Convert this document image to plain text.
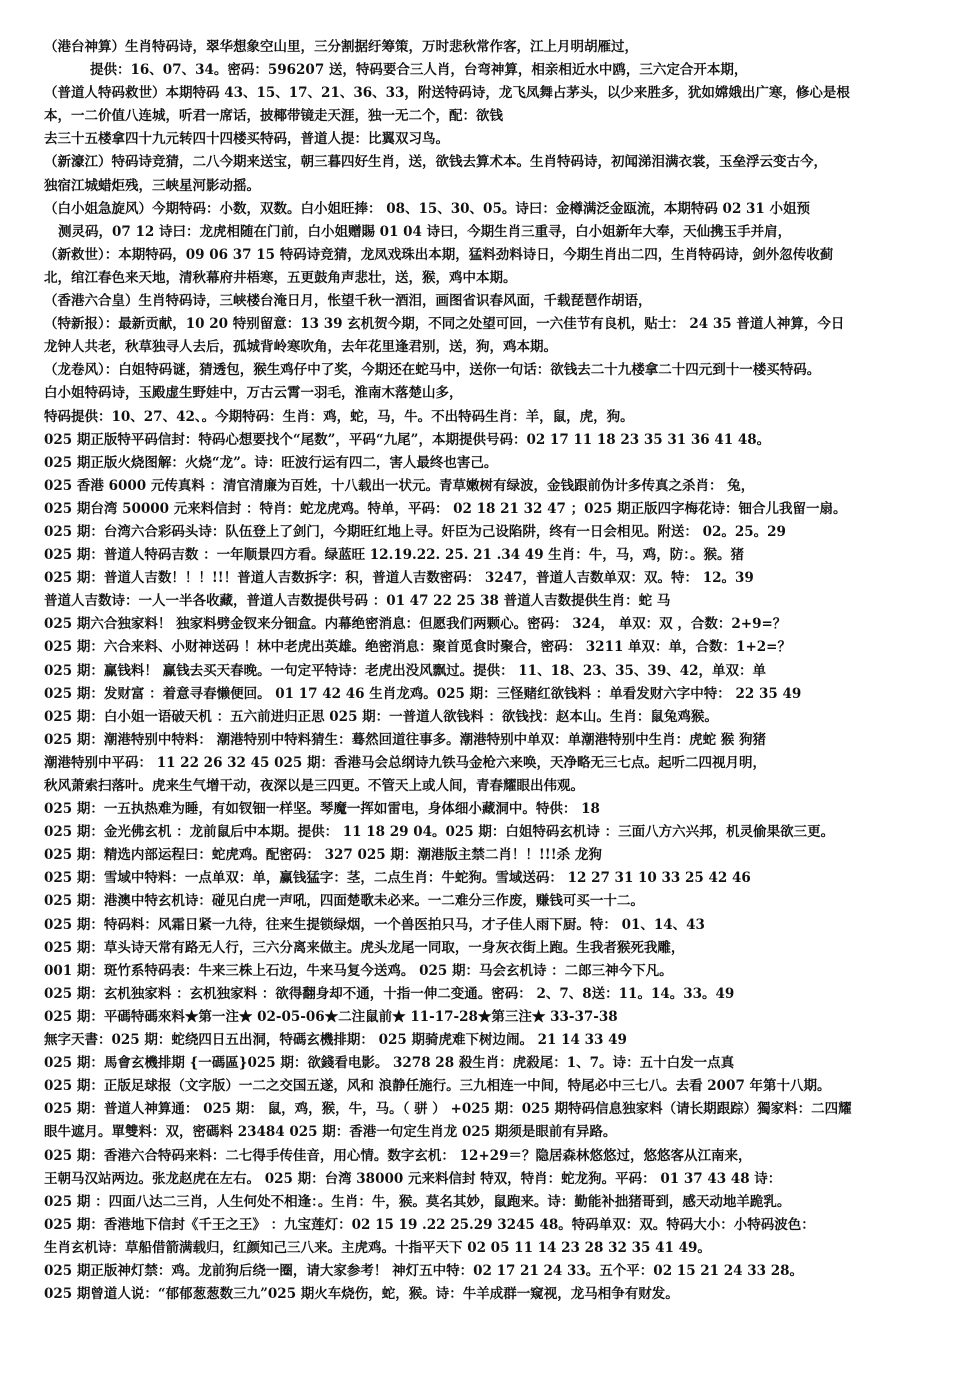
（港台神算）生肖特码诗，翠华想象空山里，三分割据纡筹策，万时悲秋常作客，江上月明胡雁过，
提供：16、07、34。密码：596207 送，特码要合三人肖，台弯神算，相亲相近水中鸥，三六定合开本期，
（普道人特码救世）本期特码 43、15、17、21、36、33，附送特码诗，龙飞凤舞占茅头，以少来胜多，犹如嫦娥出广寒，修心是根
本，一二价值八连城，听君一席话，披椰带镜走天涯，独一无二个，配：欲钱
去三十五楼拿四十九元转四十四楼买特码，普道人提：比翼双习鸟。
（新濠江）特码诗竞猜，二八今期来送宝，朝三暮四好生肖，送，欲钱去算术本。生肖特码诗，初闻涕泪满衣裳，玉垒浮云变古今，
独宿江城蜡炬残，三峡星河影动摇。
（白小姐急旋风）今期特码：小数，双数。白小姐旺捧： 08、15、30、05。诗曰：金樽满泛金瓯流，本期特码 02 31 小姐预
测灵码，07 12 诗曰：龙虎相随在门前，白小姐赠賜 01 04 诗曰，今期生肖三重寻，白小姐新年大奉，天仙携玉手并肩，
（新救世）：本期特码，09 06 37 15 特码诗竞猜，龙凤戏珠出本期，猛料劲料诗日，今期生肖出二四，生肖特码诗，剑外忽传收蓟
北，绾江春色来天地，清秋幕府井梧寒，五更鼓角声悲壮，送，猴，鸡中本期。
（香港六合皇）生肖特码诗，三峡楼台淹日月，怅望千秋一酒泪，画图省识春风面，千载琵琶作胡语，
（特新报）：最新贡献，10 20 特别留意：13 39 玄机贺今期，不同之处望可回，一六佳节有良机，贴士： 24 35 普道人神算，今日
龙钟人共老，秋草独寻人去后，孤城背岭寒吹角，去年花里逢君别，送，狗，鸡本期。
（龙卷风）：白姐特码谜，猜透包，猴生鸡仔中了奖，今期还在蛇马中，送你一句话：欲钱去二十九楼拿二十四元到十一楼买特码。
白小姐特码诗，玉殿虚生野娃中，万古云霄一羽毛，淮南木落楚山多，
特码提供：10、27、42、。今期特码：生肖：鸡，蛇，马，牛。不出特码生肖：羊，鼠，虎，狗。
025 期正版特平码信封：特码心想要找个“尾数”，平码“九尾”，本期提供号码：02 17 11 18 23 35 31 36 41 48。
025 期正版火烧图解：火烧“龙”。诗：旺波行运有四二，害人最终也害己。
025 香港 6000 元传真料 ：清官清廉为百姓，十八载出一状元。青草嫩树有绿波，金钱跟前伪计多传真之杀肖： 兔，
025 期台湾 50000 元来料信封 ：特肖：蛇龙虎鸡。特单，平码： 02 18 21 32 47 ；025 期正版四字梅花诗：钿合儿我留一扇。
025 期：台湾六合彩码头诗：队伍登上了剑门，今期旺红地上寻。奸臣为己设陷阱，终有一日会相见。附送： 02。25。29
025 期：普道人特码吉数 ：一年顺景四方看。绿蓝旺 12.19.22. 25. 21 .34 49 生肖：牛，马，鸡，防：。猴。猪
025 期：普道人吉数！！！!!！普道人吉数拆字：积，普道人吉数密码： 3247，普道人吉数单双：双。特： 12。39
普道人吉数诗：一人一半各收藏，普道人吉数提供号码 ：01 47 22 25 38 普道人吉数提供生肖：蛇 马
025 期六合独家料！ 独家料劈金钗来分钿盒。内幕绝密消息：但愿我们两颗心。密码： 324， 单双：双 ，合数：2+9=？
025 期：六合来料、小财神送码 ！林中老虎出英雄。绝密消息：聚首觅食时聚合，密码： 3211 单双：单，合数：1+2=？
025 期：赢钱料！ 赢钱去买天春晚。一句定平特诗：老虎出没风飘过。提供： 11、18、23、35、39、42，单双：单
025 期：发财富 ：着意寻春懒便回。 01 17 42 46 生肖龙鸡。025 期：三怪赌红欲钱料 ：单看发财六字中特： 22 35 49
025 期：白小姐一语破天机 ：五六前进归正思 025 期：一普道人欲钱料 ：欲钱找：赵本山。生肖：鼠兔鸡猴。
025 期：潮港特别中特料： 潮港特别中特料猜生：蓦然回道往事多。潮港特别中单双：单潮港特别中生肖：虎蛇 猴 狗猪
潮港特别中平码： 11 22 26 32 45 025 期：香港马会总纲诗九铁马金枪六来唤，天净略无三七点。起听二四视月明，
秋风萧索扫落叶。虎来生气增干动，夜深以是三四更。不管天上或人间，青春耀眼出伟观。
025 期：一五执热难为睡，有如钗钿一样坚。琴魔一挥如雷电，身体细小藏洞中。特供： 18
025 期：金光佛玄机 ：龙前鼠后中本期。提供： 11 18 29 04。025 期：白姐特码玄机诗 ：三面八方六兴邦，机灵偷果欲三更。
025 期：精选内部运程曰：蛇虎鸡。配密码： 327 025 期：潮港版主禁二肖！！!!!杀 龙狗
025 期：雪域中特料：一点单双：单，赢钱猛字：茎，二点生肖：牛蛇狗。雪域送码： 12 27 31 10 33 25 42 46
025 期：港澳中特玄机诗：碰见白虎一声吼，四面楚歌未必来。一二难分三作废，赚钱可买一十二。
025 期：特码料：风霜日紧一九待，往来生提锁绿烟，一个兽医拍只马，才子佳人雨下厨。特： 01、14、43
025 期：草头诗天常有路无人行，三六分离来做主。虎头龙尾一同取，一身灰衣街上跑。生我者猴死我雕，
001 期：斑竹系特码表：牛来三株上石边，牛来马复今送鸡。 025 期：马会玄机诗 ：二郎三神今下凡。
025 期：玄机独家料 ：玄机独家料 ：欲得翻身却不通，十指一伸二变通。密码： 2、7、8送：11。14。33。49
025 期：平碼特碼來料★第一注★ 02-05-06★二注鼠前★ 11-17-28★第三注★ 33-37-38
無字天書：025 期：蛇绕四日五出洞，特碼玄機排期： 025 期骑虎难下树边闹。 21 14 33 49
025 期：馬會玄機排期 {一碼區}025 期：欲錢看电影。 3278 28 殺生肖：虎殺尾：1、7。诗：五十白发一点真
025 期：正版足球报（文字版）一二之交国五遂，风和 浪静任施行。三九相连一中间，特尾必中三七八。去看 2007 年第十八期。
025 期：普道人神算通： 025 期： 鼠，鸡，猴，牛，马。（ 骈 ） +025 期：025 期特码信息独家料（请长期跟踪）獨家料：二四耀
眼牛遮月。單雙料：双，密碼料 23484 025 期：香港一句定生肖龙 025 期须是眼前有异路。
025 期：香港六合特码来料：二七得手传佳音，用心情。数字玄机： 12+29＝？隐居森林悠悠过，悠悠客从江南来，
王朝马汉站两边。张龙赵虎在左右。 025 期：台湾 38000 元来料信封 特双，特肖：蛇龙狗。平码： 01 37 43 48 诗：
025 期 ：四面八达二三肖，人生何处不相逢：。生肖：牛，猴。莫名其妙，鼠跑来。诗：勤能补拙猪哥到，感天动地羊跪乳。
025 期：香港地下信封《千王之王》 ：九宝莲灯：02 15 19 .22 25.29 3245 48。特码单双：双。特码大小：小特码波色：
生肖玄机诗：草船借箭满载归，红颜知己三八来。主虎鸡。十指平天下 02 05 11 14 23 28 32 35 41 49。
025 期正版神灯禁：鸡。龙前狗后绕一圈，请大家参考！ 神灯五中特：02 17 21 24 33。五个平：02 15 21 24 33 28。
025 期曾道人说：“郁郁葱葱数三九”025 期火车烧伤，蛇，猴。诗：牛羊成群一窥视，龙马相争有财发。
